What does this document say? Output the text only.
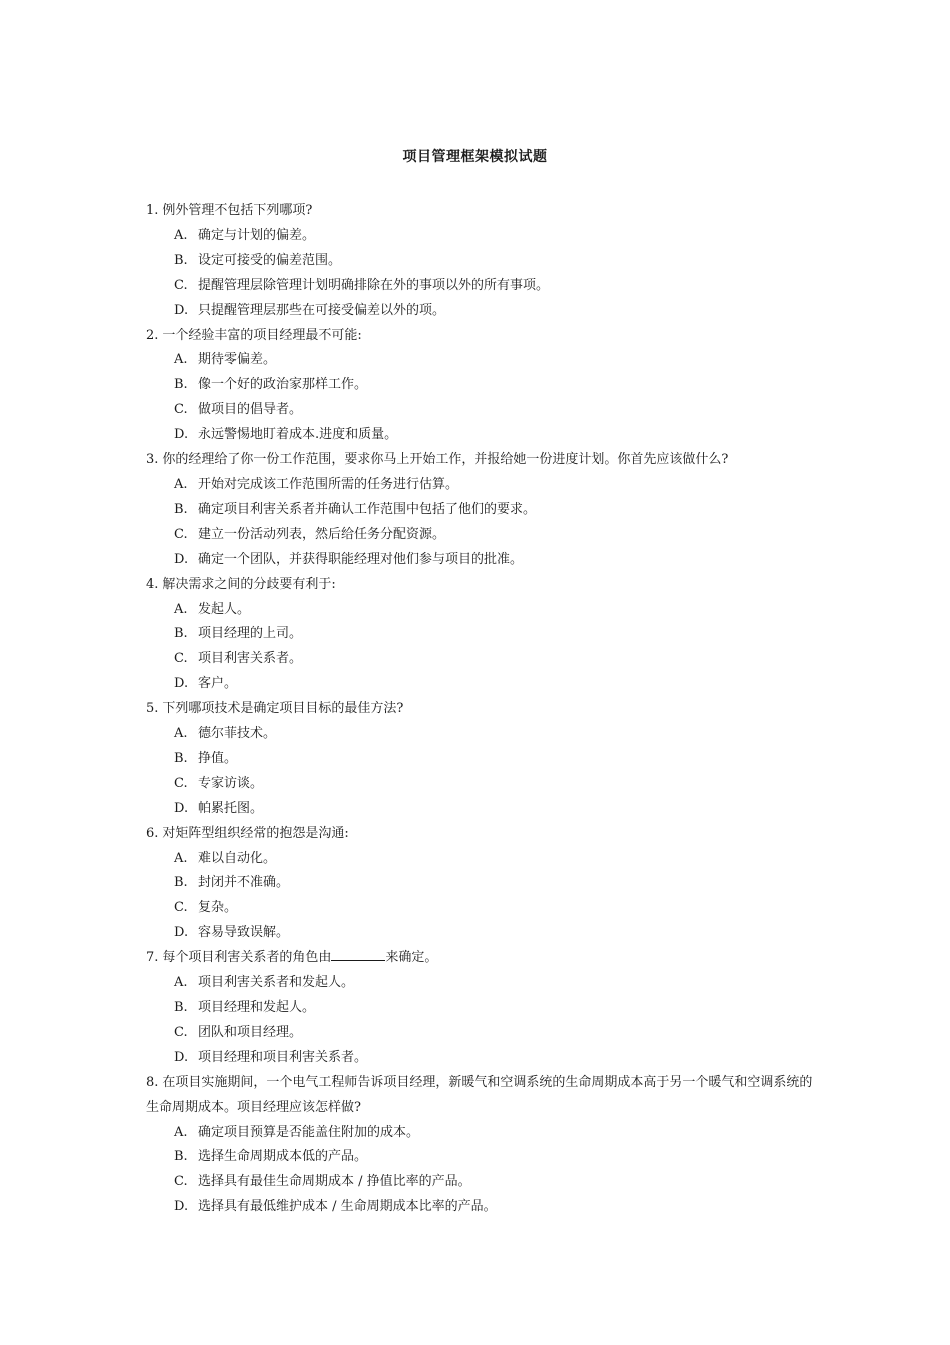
项目管理框架模拟试题
1. 例外管理不包括下列哪项?
A. 确定与计划的偏差。
B. 设定可接受的偏差范围。
C. 提醒管理层除管理计划明确排除在外的事项以外的所有事项。
D. 只提醒管理层那些在可接受偏差以外的项。
2. 一个经验丰富的项目经理最不可能:
A. 期待零偏差。
B. 像一个好的政治家那样工作。
C. 做项目的倡导者。
D. 永远警惕地盯着成本.进度和质量。
3. 你的经理给了你一份工作范围，要求你马上开始工作，并报给她一份进度计划。你首先应该做什么?
A. 开始对完成该工作范围所需的任务进行估算。
B. 确定项目利害关系者并确认工作范围中包括了他们的要求。
C. 建立一份活动列表，然后给任务分配资源。
D. 确定一个团队，并获得职能经理对他们参与项目的批准。
4. 解决需求之间的分歧要有利于:
A. 发起人。
B. 项目经理的上司。
C. 项目利害关系者。
D. 客户。
5. 下列哪项技术是确定项目目标的最佳方法?
A. 德尔菲技术。
B. 挣值。
C. 专家访谈。
D. 帕累托图。
6. 对矩阵型组织经常的抱怨是沟通:
A. 难以自动化。
B. 封闭并不准确。
C. 复杂。
D. 容易导致误解。
7. 每个项目利害关系者的角色由	来确定。
A. 项目利害关系者和发起人。
B. 项目经理和发起人。
C. 团队和项目经理。
D. 项目经理和项目利害关系者。
8. 在项目实施期间，一个电气工程师告诉项目经理，新暖气和空调系统的生命周期成本高于另一个暖气和空调系统的生命周期成本。项目经理应该怎样做?
A. 确定项目预算是否能盖住附加的成本。
B. 选择生命周期成本低的产品。
C. 选择具有最佳生命周期成本 / 挣值比率的产品。
D. 选择具有最低维护成本 / 生命周期成本比率的产品。
